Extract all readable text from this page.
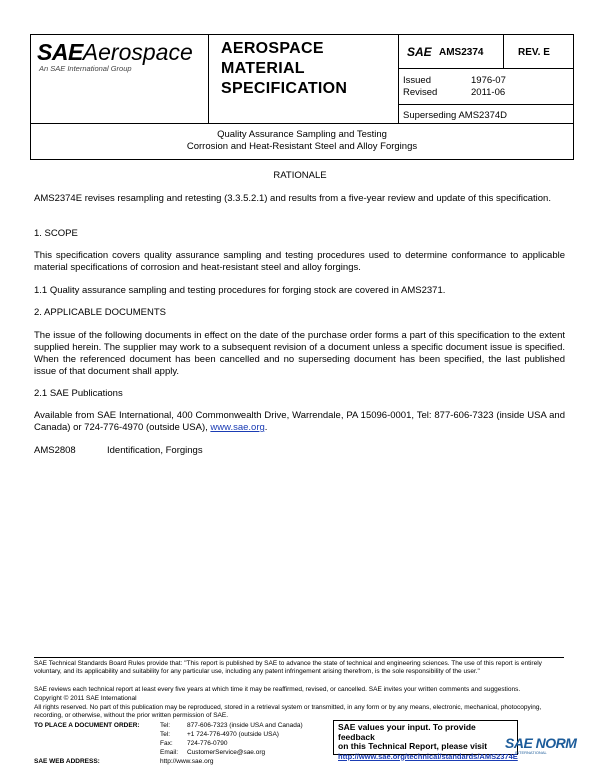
SAEAerospace
An SAE International Group
AEROSPACE
MATERIAL
SPECIFICATION
SAE AMS2374	REV. E
Issued	1976-07
Revised	2011-06
Superseding AMS2374D
Quality Assurance Sampling and Testing
Corrosion and Heat-Resistant Steel and Alloy Forgings
RATIONALE
AMS2374E revises resampling and retesting (3.3.5.2.1) and results from a five-year review and update of this specification.
1. SCOPE
This specification covers quality assurance sampling and testing procedures used to determine conformance to applicable material specifications of corrosion and heat-resistant steel and alloy forgings.
1.1 Quality assurance sampling and testing procedures for forging stock are covered in AMS2371.
2. APPLICABLE DOCUMENTS
The issue of the following documents in effect on the date of the purchase order forms a part of this specification to the extent supplied herein. The supplier may work to a subsequent revision of a document unless a specific document issue is specified. When the referenced document has been cancelled and no superseding document has been specified, the last published issue of that document shall apply.
2.1 SAE Publications
Available from SAE International, 400 Commonwealth Drive, Warrendale, PA 15096-0001, Tel: 877-606-7323 (inside USA and Canada) or 724-776-4970 (outside USA), www.sae.org.
AMS2808	Identification, Forgings
SAE Technical Standards Board Rules provide that: "This report is published by SAE to advance the state of technical and engineering sciences. The use of this report is entirely voluntary, and its applicability and suitability for any particular use, including any patent infringement arising therefrom, is the sole responsibility of the user."
SAE reviews each technical report at least every five years at which time it may be reaffirmed, revised, or cancelled. SAE invites your written comments and suggestions.
Copyright © 2011 SAE International
All rights reserved. No part of this publication may be reproduced, stored in a retrieval system or transmitted, in any form or by any means, electronic, mechanical, photocopying, recording, or otherwise, without the prior written permission of SAE.
TO PLACE A DOCUMENT ORDER:
SAE WEB ADDRESS:
Tel:	877-606-7323 (inside USA and Canada)
Tel:	+1 724-776-4970 (outside USA)
Fax: 724-776-0790
Email: CustomerService@sae.org
http://www.sae.org
SAE values your input. To provide feedback
on this Technical Report, please visit
http://www.sae.org/technical/standards/AMS2374E
SAE NORM
INTERNATIONAL
